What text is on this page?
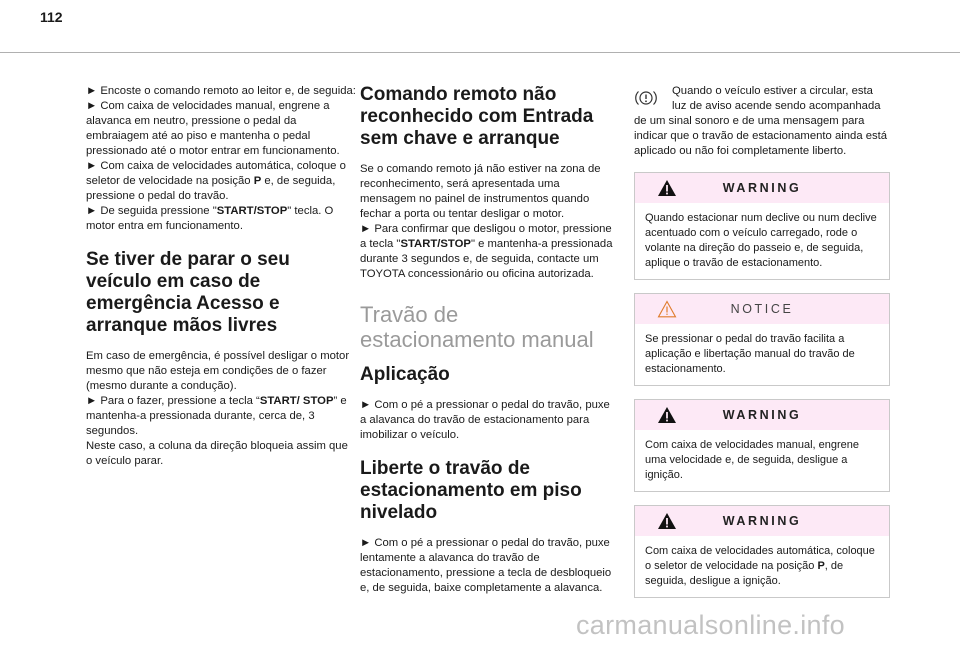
112

► Encoste o comando remoto ao leitor e, de seguida:

► Com caixa de velocidades manual, engrene a alavanca em neutro, pressione o pedal da embraiagem até ao piso e mantenha o pedal pressionado até o motor entrar em funcionamento.

► Com caixa de velocidades automática, coloque o seletor de velocidade na posição P e, de seguida, pressione o pedal do travão.

► De seguida pressione "START/STOP" tecla. O motor entra em funcionamento.

Se tiver de parar o seu veículo em caso de emergência Acesso e arranque mãos livres

Em caso de emergência, é possível desligar o motor mesmo que não esteja em condições de o fazer (mesmo durante a condução).

► Para o fazer, pressione a tecla “START/ STOP” e mantenha-a pressionada durante, cerca de, 3 segundos.

Neste caso, a coluna da direção bloqueia assim que o veículo parar.

Comando remoto não reconhecido com Entrada sem chave e arranque

Se o comando remoto já não estiver na zona de reconhecimento, será apresentada uma mensagem no painel de instrumentos quando fechar a porta ou tentar desligar o motor.

► Para confirmar que desligou o motor, pressione a tecla "START/STOP" e mantenha-a pressionada durante 3 segundos e, de seguida, contacte um TOYOTA concessionário ou oficina autorizada.

Travão de estacionamento manual
Aplicação

► Com o pé a pressionar o pedal do travão, puxe a alavanca do travão de estacionamento para imobilizar o veículo.

Liberte o travão de estacionamento em piso nivelado

► Com o pé a pressionar o pedal do travão, puxe lentamente a alavanca do travão de estacionamento, pressione a tecla de desbloqueio e, de seguida, baixe completamente a alavanca.

Quando o veículo estiver a circular, esta luz de aviso acende sendo acompanhada de um sinal sonoro e de uma mensagem para indicar que o travão de estacionamento ainda está aplicado ou não foi completamente liberto.

WARNING

Quando estacionar num declive ou num declive acentuado com o veículo carregado, rode o volante na direção do passeio e, de seguida, aplique o travão de estacionamento.

NOTICE

Se pressionar o pedal do travão facilita a aplicação e libertação manual do travão de estacionamento.

WARNING

Com caixa de velocidades manual, engrene uma velocidade e, de seguida, desligue a ignição.

WARNING

Com caixa de velocidades automática, coloque o seletor de velocidade na posição P, de seguida, desligue a ignição.

carmanualsonline.info
